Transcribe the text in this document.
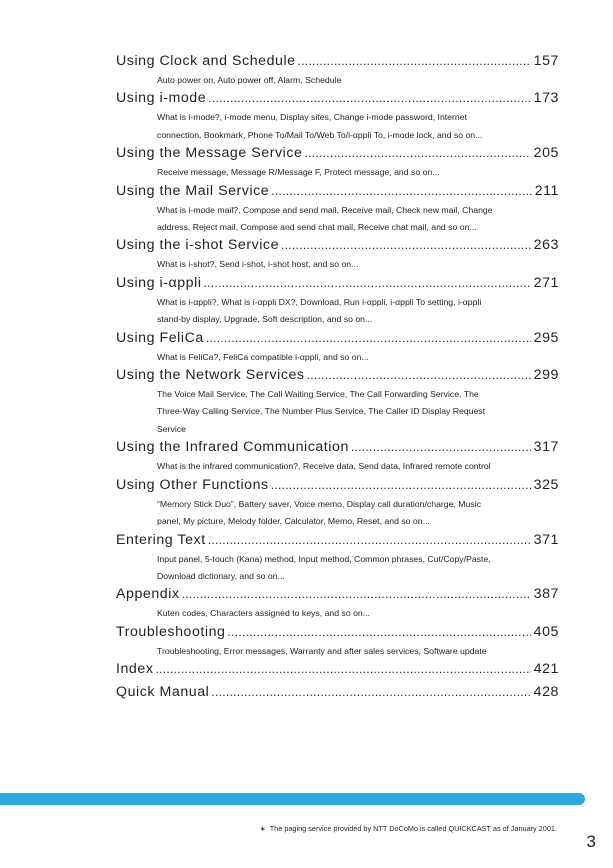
Using Clock and Schedule .....	157
Auto power on, Auto power off, Alarm, Schedule
Using i-mode .....	173
What is i-mode?, i-mode menu, Display sites, Change i-mode password, Internet
connection, Bookmark, Phone To/Mail To/Web To/i-αppli To, i-mode lock, and so on...
Using the Message Service .....	205
Receive message, Message R/Message F, Protect message, and so on...
Using the Mail Service .....	211
What is i-mode mail?, Compose and send mail, Receive mail, Check new mail, Change
address, Reject mail, Compose and send chat mail, Receive chat mail, and so on...
Using the i-shot Service .....	263
What is i-shot?, Send i-shot, i-shot host, and so on...
Using i-αppli .....	271
What is i-αppli?, What is i-αppli DX?, Download, Run i-αppli, i-αppli To setting, i-αppli
stand-by display, Upgrade, Soft description, and so on...
Using FeliCa .....	295
What is FeliCa?, FeliCa compatible i-αppli, and so on...
Using the Network Services .....	299
The Voice Mail Service, The Call Waiting Service, The Call Forwarding Service, The
Three-Way Calling Service, The Number Plus Service, The Caller ID Display Request
Service
Using the Infrared Communication .....	317
What is the infrared communication?, Receive data, Send data, Infrared remote control
Using Other Functions .....	325
“Memory Stick Duo”, Battery saver, Voice memo, Display call duration/charge, Music
panel, My picture, Melody folder, Calculator, Memo, Reset, and so on...
Entering Text .....	371
Input panel, 5-touch (Kana) method, Input method, Common phrases, Cut/Copy/Paste,
Download dictionary, and so on...
Appendix .....	387
Kuten codes, Characters assigned to keys, and so on...
Troubleshooting .....	405
Troubleshooting, Error messages, Warranty and after sales services, Software update
Index .....	421
Quick Manual .....	428
∗ The paging service provided by NTT DoCoMo is called QUICKCAST as of January 2001.
3
